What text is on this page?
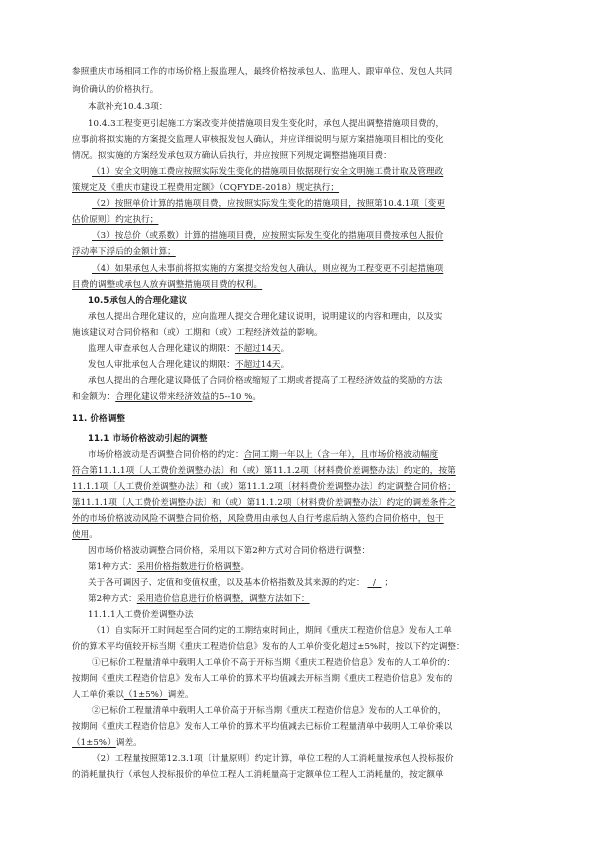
参照重庆市场相同工作的市场价格上报监理人，最终价格按承包人、监理人、跟审单位、发包人共同
询价确认的价格执行。
本款补充10.4.3项：
10.4.3工程变更引起施工方案改变并使措施项目发生变化时，承包人提出调整措施项目费的，
应事前将拟实施的方案提交监理人审核报发包人确认，并应详细说明与原方案措施项目相比的变化
情况。拟实施的方案经发承包双方确认后执行，并应按照下列规定调整措施项目费：
（1）安全文明施工费应按照实际发生变化的措施项目依据现行安全文明施工费计取及管理政
策规定及《重庆市建设工程费用定额》（CQFYDE-2018）规定执行；
（2）按照单价计算的措施项目费，应按照实际发生变化的措施项目，按照第10.4.1项〔变更
估价原则〕约定执行；
（3）按总价（或系数）计算的措施项目费，应按照实际发生变化的措施项目费按承包人报价
浮动率下浮后的金额计算；
（4）如果承包人未事前将拟实施的方案提交给发包人确认，则应视为工程变更不引起措施项
目费的调整或承包人放弃调整措施项目费的权利。
10.5承包人的合理化建议
承包人提出合理化建议的，应向监理人提交合理化建议说明，说明建议的内容和理由，以及实
施该建议对合同价格和（或）工期和（或）工程经济效益的影响。
监理人审查承包人合理化建议的期限：不超过14天。
发包人审批承包人合理化建议的期限：不超过14天。
承包人提出的合理化建议降低了合同价格或缩短了工期或者提高了工程经济效益的奖励的方法
和金额为：合理化建议带来经济效益的5--10 %。
11. 价格调整
11.1 市场价格波动引起的调整
市场价格波动是否调整合同价格的约定：合同工期一年以上（含一年），且市场价格波动幅度
符合第11.1.1项〔人工费价差调整办法〕和（或）第11.1.2项〔材料费价差调整办法〕约定的，按第
11.1.1项〔人工费价差调整办法〕和（或）第11.1.2项〔材料费价差调整办法〕约定调整合同价格；
第11.1.1项〔人工费价差调整办法〕和（或）第11.1.2项〔材料费价差调整办法〕约定的调差条件之
外的市场价格波动风险不调整合同价格，风险费用由承包人自行考虑后纳入签约合同价格中，包干
使用。
因市场价格波动调整合同价格，采用以下第2种方式对合同价格进行调整：
第1种方式：采用价格指数进行价格调整。
关于各可调因子、定值和变值权重，以及基本价格指数及其来源的约定： / ；
第2种方式：采用造价信息进行价格调整，调整方法如下：
11.1.1人工费价差调整办法
（1）自实际开工时间起至合同约定的工期结束时间止，期间《重庆工程造价信息》发布人工单
价的算术平均值较开标当期《重庆工程造价信息》发布的人工单价变化超过±5%时，按以下约定调整：
①已标价工程量清单中载明人工单价不高于开标当期《重庆工程造价信息》发布的人工单价的：
按期间《重庆工程造价信息》发布人工单价的算术平均值减去开标当期《重庆工程造价信息》发布的
人工单价乘以（1±5%）调差。
②已标价工程量清单中载明人工单价高于开标当期《重庆工程造价信息》发布的人工单价的，
按期间《重庆工程造价信息》发布人工单价的算术平均值减去已标价工程量清单中载明人工单价乘以
（1±5%）调差。
（2）工程量按照第12.3.1项〔计量原则〕约定计算，单位工程的人工消耗量按承包人投标报价
的消耗量执行（承包人投标报价的单位工程人工消耗量高于定额单位工程人工消耗量的，按定额单
